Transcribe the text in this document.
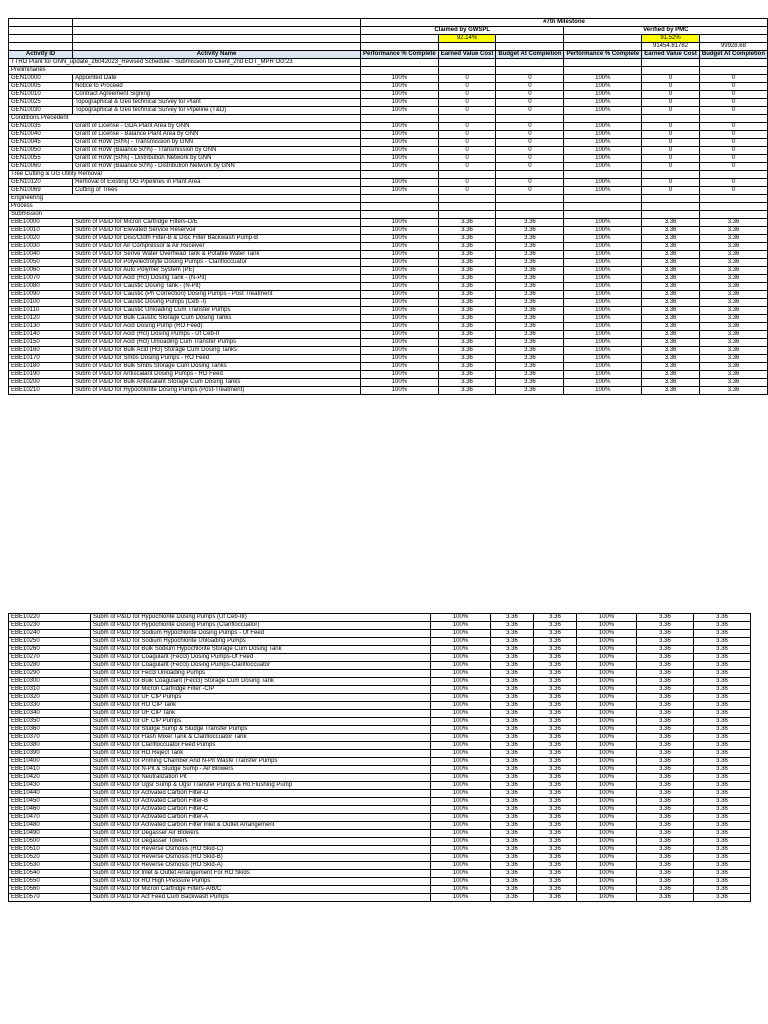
		#7th Milestone					
		Claimed by GWSPL			Verified by PMC		
			92.14%			91.52%	
						91454.81782	99928.68
Activity ID	Activity Name	Performance % Complete	Earned Value Cost	Budget At Completion	Performance % Complete	Earned Value Cost	Budget At Completion
TTRO Plant for GNN_update_26042023_Revised Schedule - Submission to Client_2nd EOT_MPR Oct'23							
Preliminaries							
GEN10000	Appointed Date	100%	0	0	100%	0	0
GEN10005	Notice to Proceed	100%	0	0	100%	0	0
GEN10010	Contract Agreement Signing	100%	0	0	100%	0	0
GEN10025	Topographical & Geo technical Survey for Plant	100%	0	0	100%	0	0
GEN10030	Topographical & Geo technical Survey for Pipeline (T&D)	100%	0	0	100%	0	0
Conditions Precedent							
GEN10035	Grant of License - GDA Plant Area by GNN	100%	0	0	100%	0	0
GEN10040	Grant of License - Balance Plant Area by GNN	100%	0	0	100%	0	0
GEN10045	Grant of RoW (50%) - Transmission by GNN	100%	0	0	100%	0	0
GEN10050	Grant of RoW (Balance 50%) - Transmission by GNN	100%	0	0	100%	0	0
GEN10055	Grant of RoW (50%) - Distribution Network by GNN	100%	0	0	100%	0	0
GEN10060	Grant of RoW (Balance 50%) - Distribution Network by GNN	100%	0	0	100%	0	0
Tree Cutting & UG Utility Removal							
GEN10120	Removal of Existing UG Pipelines in Plant Area	100%	0	0	100%	0	0
GEN10069	Cutting of Trees	100%	0	0	100%	0	0
Engineering							
Process							
Submission							
EBE10000	Subm of P&ID for Micron Cartridge Filters-D/E	100%	3.36	3.36	100%	3.36	3.36
EBE10010	Subm of P&ID for Elevated Service Reservoir	100%	3.36	3.36	100%	3.36	3.36
EBE10020	Subm of P&ID for Disc/Cloth Filter-B & Disc Filter Backwash Pump-B	100%	3.36	3.36	100%	3.36	3.36
EBE10030	Subm of P&ID for Air Compressor & Air Receiver	100%	3.36	3.36	100%	3.36	3.36
EBE10040	Subm of P&ID for Serive Water Overhead Tank & Potable Water Tank	100%	3.36	3.36	100%	3.36	3.36
EBE10050	Subm of P&ID for Polyelectrolyte Dosing Pumps - Clarifloccuator	100%	3.36	3.36	100%	3.36	3.36
EBE10060	Subm of P&ID for Auto Polymer System (PE)	100%	3.36	3.36	100%	3.36	3.36
EBE10070	Subm of P&ID for Acid (Hcl) Dosing Tank - (N-Pit)	100%	3.36	3.36	100%	3.36	3.36
EBE10080	Subm of P&ID for Caustic Dosing Tank - (N-Pit)	100%	3.36	3.36	100%	3.36	3.36
EBE10090	Subm of P&ID for Caustic (Ph Correction) Dosing Pumps - Post Treatment	100%	3.36	3.36	100%	3.36	3.36
EBE10100	Subm of P&ID for Caustic Dosing Pumps (Ceb -I)	100%	3.36	3.36	100%	3.36	3.36
EBE10110	Subm of P&ID for Caustic Unloading Cum Transfer Pumps	100%	3.36	3.36	100%	3.36	3.36
EBE10120	Subm of P&ID for Bulk Caustic Storage Cum Dosing Tanks	100%	3.36	3.36	100%	3.36	3.36
EBE10130	Subm of P&ID for Acid Dosing Pump (RO Feed)	100%	3.36	3.36	100%	3.36	3.36
EBE10140	Subm of P&ID for Acid (Hcl) Dosing Pumps - Uf Ceb-II	100%	3.36	3.36	100%	3.36	3.36
EBE10150	Subm of P&ID for Acid (Hcl) Unloading Cum Transfer Pumps	100%	3.36	3.36	100%	3.36	3.36
EBE10160	Subm of P&ID for Bulk Acid (Hcl) Storage Cum Dosing Tanks	100%	3.36	3.36	100%	3.36	3.36
EBE10170	Subm of P&ID for Smbs Dosing Pumps - RO Feed	100%	3.36	3.36	100%	3.36	3.36
EBE10180	Subm of P&ID for Bulk Smbs Storage Cum Dosing Tanks	100%	3.36	3.36	100%	3.36	3.36
EBE10190	Subm of P&ID for Antiscalant Dosing Pumps - RO Feed	100%	3.36	3.36	100%	3.36	3.36
EBE10200	Subm of P&ID for Bulk Antiscalant Storage Cum Dosing Tanks	100%	3.36	3.36	100%	3.36	3.36
EBE10210	Subm of P&ID for Hypochlorite Dosing Pumps (Post-Treatment)	100%	3.36	3.36	100%	3.36	3.36
EBE10220	Subm of P&ID for Hypochlorite Dosing Pumps (Uf Ceb-III)	100%	3.36	3.36	100%	3.36	3.36
EBE10230	Subm of P&ID for Hypochlorite Dosing Pumps (Clarifloccuator)	100%	3.36	3.36	100%	3.36	3.36
EBE10240	Subm of P&ID for Sodium Hypochlorite Dosing Pumps - Uf Feed	100%	3.36	3.36	100%	3.36	3.36
EBE10250	Subm of P&ID for Sodium Hypochlorite Unloading Pumps	100%	3.36	3.36	100%	3.36	3.36
EBE10260	Subm of P&ID for Bulk Sodium Hypochlorite Storage Cum Dosing Tank	100%	3.36	3.36	100%	3.36	3.36
EBE10270	Subm of P&ID for Coagulant (Fecl3) Dosing Pumps-Uf Feed	100%	3.36	3.36	100%	3.36	3.36
EBE10280	Subm of P&ID for Coagulant (Fecl3) Dosing Pumps-Clarifloccuator	100%	3.36	3.36	100%	3.36	3.36
EBE10290	Subm of P&ID for Fecl3 Unloading Pumps	100%	3.36	3.36	100%	3.36	3.36
EBE10300	Subm of P&ID for Bulk Coagulant (Fecl3) Storage Cum Dosing Tank	100%	3.36	3.36	100%	3.36	3.36
EBE10310	Subm of P&ID for Micron Cartridge Filter -CIP	100%	3.36	3.36	100%	3.36	3.36
EBE10320	Subm of P&ID for UF CIP Pumps	100%	3.36	3.36	100%	3.36	3.36
EBE10330	Subm of P&ID for RO CIP Tank	100%	3.36	3.36	100%	3.36	3.36
EBE10340	Subm of P&ID for UF CIP Tank	100%	3.36	3.36	100%	3.36	3.36
EBE10350	Subm of P&ID for UF CIP Pumps	100%	3.36	3.36	100%	3.36	3.36
EBE10360	Subm of P&ID for Sludge Sump & Sludge Transfer Pumps	100%	3.36	3.36	100%	3.36	3.36
EBE10370	Subm of P&ID for Flash Mixer Tank & Clarifloccuator Tank	100%	3.36	3.36	100%	3.36	3.36
EBE10380	Subm of P&ID for Clarifloccuator Feed Pumps	100%	3.36	3.36	100%	3.36	3.36
EBE10390	Subm of P&ID for RO Reject Tank	100%	3.36	3.36	100%	3.36	3.36
EBE10400	Subm of P&ID for Priming Chamber And N-Pit Waste Transfer Pumps	100%	3.36	3.36	100%	3.36	3.36
EBE10410	Subm of P&ID for N-Pit & Sludge Sump - Air Blowers	100%	3.36	3.36	100%	3.36	3.36
EBE10420	Subm of P&ID for Neutralization Pit	100%	3.36	3.36	100%	3.36	3.36
EBE10430	Subm of P&ID for Ugsr Sump & Ugsr Transfer Pumps & Ro Flushing Pump	100%	3.36	3.36	100%	3.36	3.36
EBE10440	Subm of P&ID for Activated Carbon Filter-D	100%	3.36	3.36	100%	3.36	3.36
EBE10450	Subm of P&ID for Activated Carbon Filter-B	100%	3.36	3.36	100%	3.36	3.36
EBE10460	Subm of P&ID for Activated Carbon Filter-C	100%	3.36	3.36	100%	3.36	3.36
EBE10470	Subm of P&ID for Activated Carbon Filter-A	100%	3.36	3.36	100%	3.36	3.36
EBE10480	Subm of P&ID for Activated Carbon Filter Inlet & Outlet Arrangement	100%	3.36	3.36	100%	3.36	3.36
EBE10490	Subm of P&ID for Degasser Air Blowers	100%	3.36	3.36	100%	3.36	3.36
EBE10500	Subm of P&ID for Degasser Towers	100%	3.36	3.36	100%	3.36	3.36
EBE10510	Subm of P&ID for Reverse Osmosis (RO Skid-C)	100%	3.36	3.36	100%	3.36	3.36
EBE10520	Subm of P&ID for Reverse Osmosis (RO Skid-B)	100%	3.36	3.36	100%	3.36	3.36
EBE10530	Subm of P&ID for Reverse Osmosis (RO Skid-A)	100%	3.36	3.36	100%	3.36	3.36
EBE10540	Subm of P&ID for Inlet & Outlet Arrangement For RO Skids	100%	3.36	3.36	100%	3.36	3.36
EBE10550	Subm of P&ID for RO High Pressure Pumps	100%	3.36	3.36	100%	3.36	3.36
EBE10560	Subm of P&ID for Micron Cartridge Filters-A/B/C	100%	3.36	3.36	100%	3.36	3.36
EBE10570	Subm of P&ID for Acf Feed Cum Backwash Pumps	100%	3.36	3.36	100%	3.36	3.36
